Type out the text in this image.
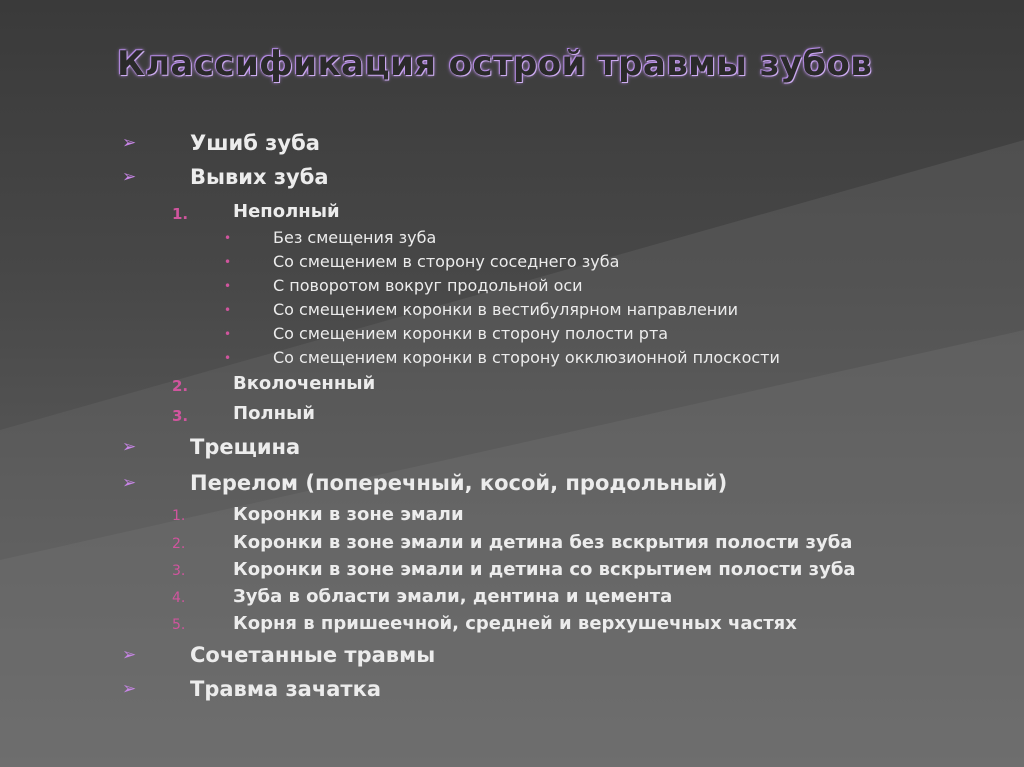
Классификация острой травмы зубов
➢	Ушиб зуба
➢	Вывих зуба
1. Неполный
•	Без смещения зуба
•	Со смещением в сторону соседнего зуба
•	С поворотом вокруг продольной оси
•	Со смещением коронки в вестибулярном направлении
•	Со смещением коронки в сторону полости рта
•	Со смещением коронки в сторону окклюзионной плоскости
2. Вколоченный
3. Полный
➢	Трещина
➢	Перелом (поперечный, косой, продольный)
1.	Коронки в зоне эмали
2.	Коронки в зоне эмали и детина без вскрытия полости зуба
3.	Коронки в зоне эмали и детина со вскрытием полости зуба
4.	Зуба в области эмали, дентина и цемента
5.	Корня в пришеечной, средней и верхушечных частях
➢	Сочетанные травмы
➢	Травма зачатка
